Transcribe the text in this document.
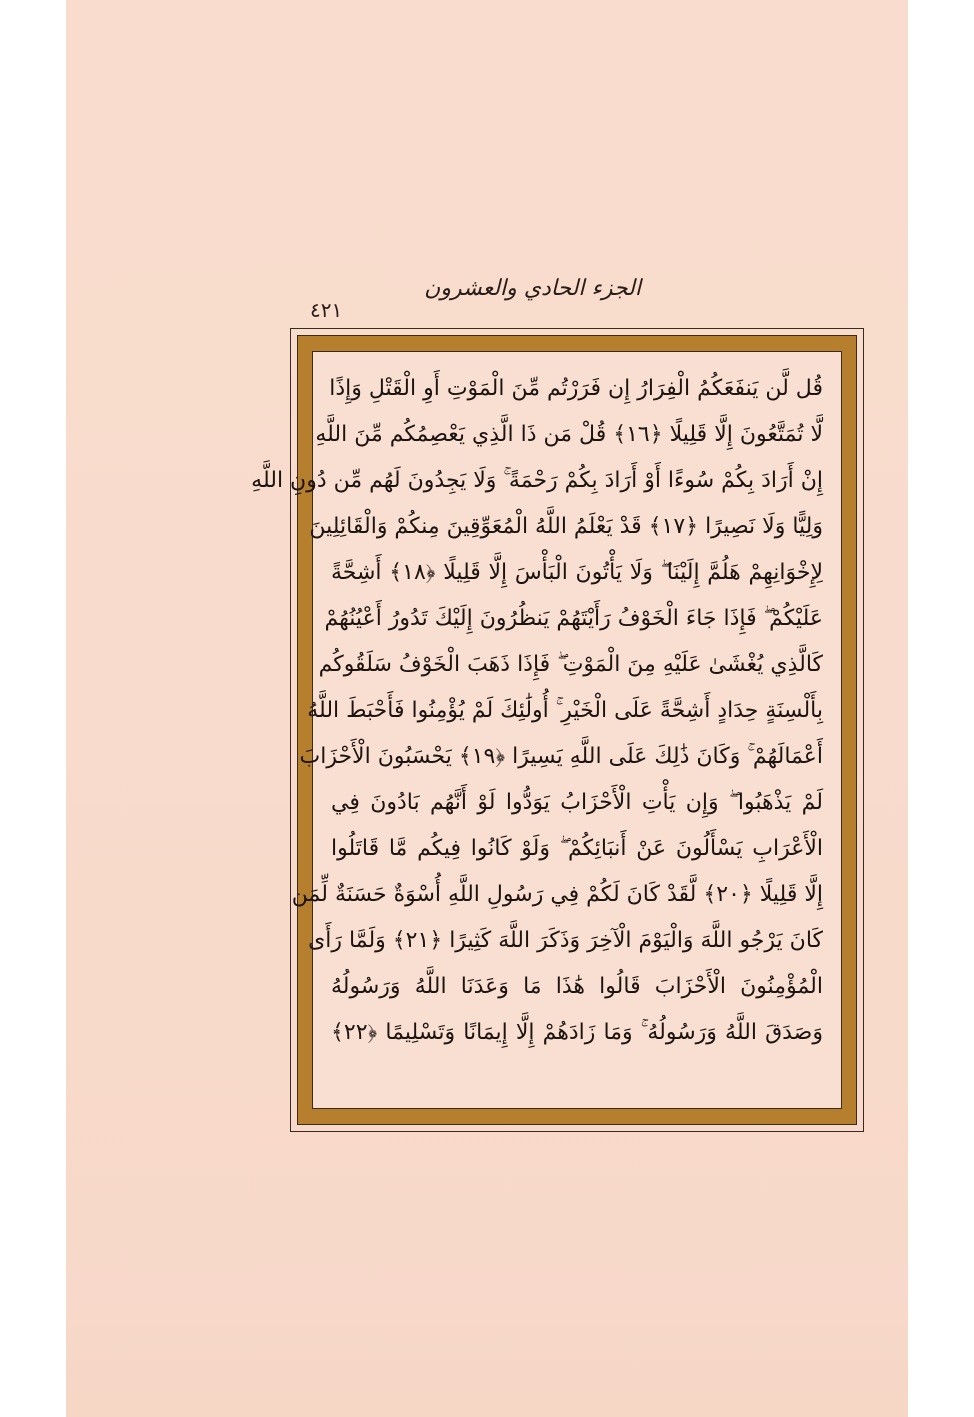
الجزء الحادي والعشرون
٤٢١
قُل لَّن يَنفَعَكُمُ الْفِرَارُ إِن فَرَرْتُم مِّنَ الْمَوْتِ أَوِ الْقَتْلِ وَإِذًا
لَّا تُمَتَّعُونَ إِلَّا قَلِيلًا ﴿١٦﴾ قُلْ مَن ذَا الَّذِي يَعْصِمُكُم مِّنَ اللَّهِ
إِنْ أَرَادَ بِكُمْ سُوءًا أَوْ أَرَادَ بِكُمْ رَحْمَةً ۚ وَلَا يَجِدُونَ لَهُم مِّن دُونِ اللَّهِ
وَلِيًّا وَلَا نَصِيرًا ﴿١٧﴾ قَدْ يَعْلَمُ اللَّهُ الْمُعَوِّقِينَ مِنكُمْ وَالْقَائِلِينَ
لِإِخْوَانِهِمْ هَلُمَّ إِلَيْنَا ۖ وَلَا يَأْتُونَ الْبَأْسَ إِلَّا قَلِيلًا ﴿١٨﴾ أَشِحَّةً
عَلَيْكُمْ ۖ فَإِذَا جَاءَ الْخَوْفُ رَأَيْتَهُمْ يَنظُرُونَ إِلَيْكَ تَدُورُ أَعْيُنُهُمْ
كَالَّذِي يُغْشَىٰ عَلَيْهِ مِنَ الْمَوْتِ ۖ فَإِذَا ذَهَبَ الْخَوْفُ سَلَقُوكُم
بِأَلْسِنَةٍ حِدَادٍ أَشِحَّةً عَلَى الْخَيْرِ ۚ أُولَٰئِكَ لَمْ يُؤْمِنُوا فَأَحْبَطَ اللَّهُ
أَعْمَالَهُمْ ۚ وَكَانَ ذَٰلِكَ عَلَى اللَّهِ يَسِيرًا ﴿١٩﴾ يَحْسَبُونَ الْأَحْزَابَ
لَمْ يَذْهَبُوا ۖ وَإِن يَأْتِ الْأَحْزَابُ يَوَدُّوا لَوْ أَنَّهُم بَادُونَ فِي
الْأَعْرَابِ يَسْأَلُونَ عَنْ أَنبَائِكُمْ ۖ وَلَوْ كَانُوا فِيكُم مَّا قَاتَلُوا
إِلَّا قَلِيلًا ﴿٢٠﴾ لَّقَدْ كَانَ لَكُمْ فِي رَسُولِ اللَّهِ أُسْوَةٌ حَسَنَةٌ لِّمَن
كَانَ يَرْجُو اللَّهَ وَالْيَوْمَ الْآخِرَ وَذَكَرَ اللَّهَ كَثِيرًا ﴿٢١﴾ وَلَمَّا رَأَى
الْمُؤْمِنُونَ الْأَحْزَابَ قَالُوا هَٰذَا مَا وَعَدَنَا اللَّهُ وَرَسُولُهُ
وَصَدَقَ اللَّهُ وَرَسُولُهُ ۚ وَمَا زَادَهُمْ إِلَّا إِيمَانًا وَتَسْلِيمًا ﴿٢٢﴾
